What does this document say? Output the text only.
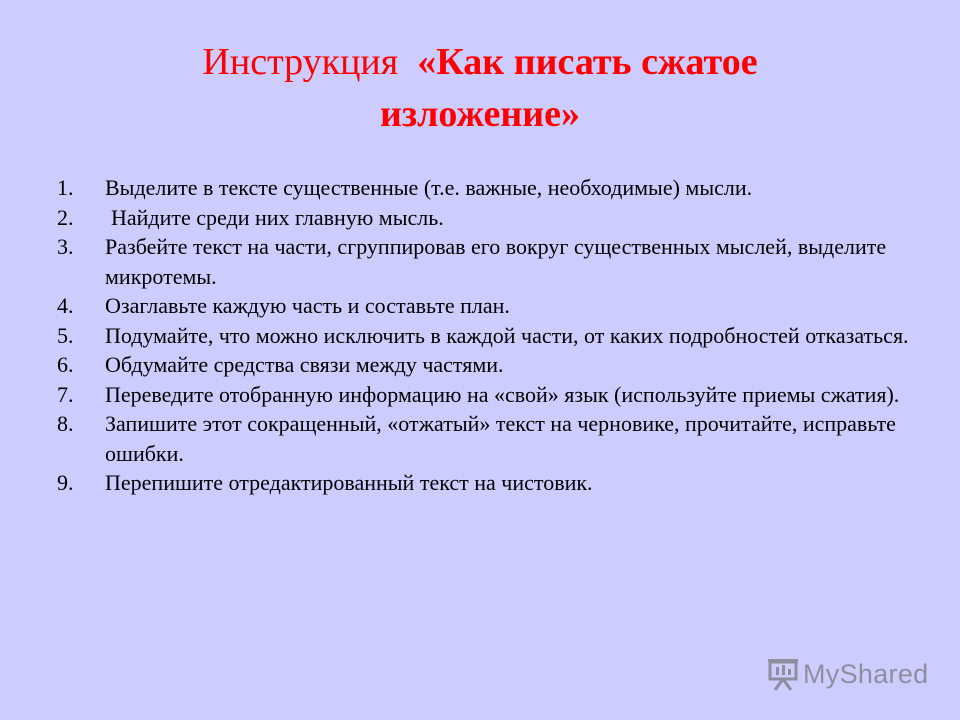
Инструкция «Как писать сжатое
изложение»
1. Выделите в тексте существенные (т.е. важные, необходимые) мысли.
2. Найдите среди них главную мысль.
3. Разбейте текст на части, сгруппировав его вокруг существенных мыслей, выделите микротемы.
4. Озаглавьте каждую часть и составьте план.
5. Подумайте, что можно исключить в каждой части, от каких подробностей отказаться.
6. Обдумайте средства связи между частями.
7. Переведите отобранную информацию на «свой» язык (используйте приемы сжатия).
8. Запишите этот сокращенный, «отжатый» текст на черновике, прочитайте, исправьте ошибки.
9. Перепишите отредактированный текст на чистовик.
MyShared
